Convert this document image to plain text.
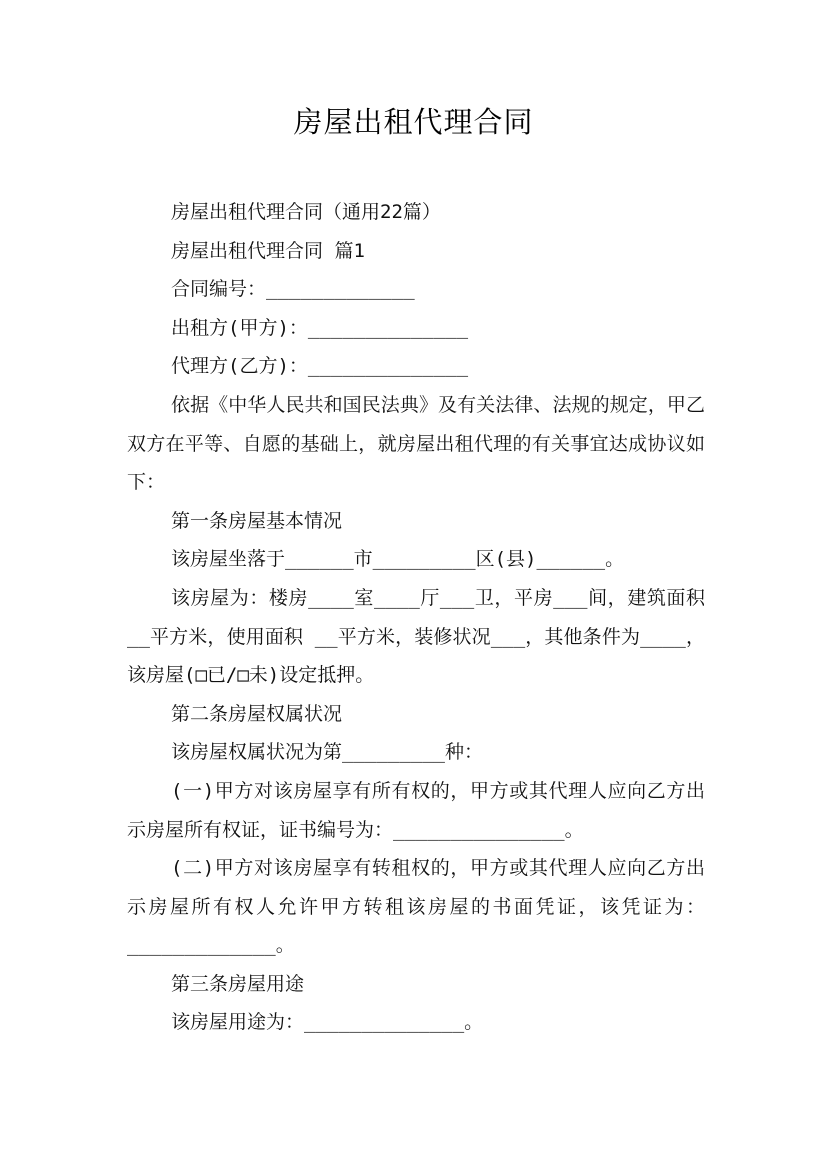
房屋出租代理合同

房屋出租代理合同（通用22篇）

房屋出租代理合同 篇1

合同编号：_____________

出租方(甲方)：______________

代理方(乙方)：______________

依据《中华人民共和国民法典》及有关法律、法规的规定，甲乙双方在平等、自愿的基础上，就房屋出租代理的有关事宜达成协议如下：

第一条房屋基本情况

该房屋坐落于______市_________区(县)______。

该房屋为：楼房____室____厅___卫，平房___间，建筑面积__平方米，使用面积 __平方米，装修状况___，其他条件为____，该房屋(□已/□未)设定抵押。

第二条房屋权属状况

该房屋权属状况为第_________种：

(一)甲方对该房屋享有所有权的，甲方或其代理人应向乙方出示房屋所有权证，证书编号为：_______________。

(二)甲方对该房屋享有转租权的，甲方或其代理人应向乙方出示房屋所有权人允许甲方转租该房屋的书面凭证，该凭证为：_____________。

第三条房屋用途

该房屋用途为：______________。
